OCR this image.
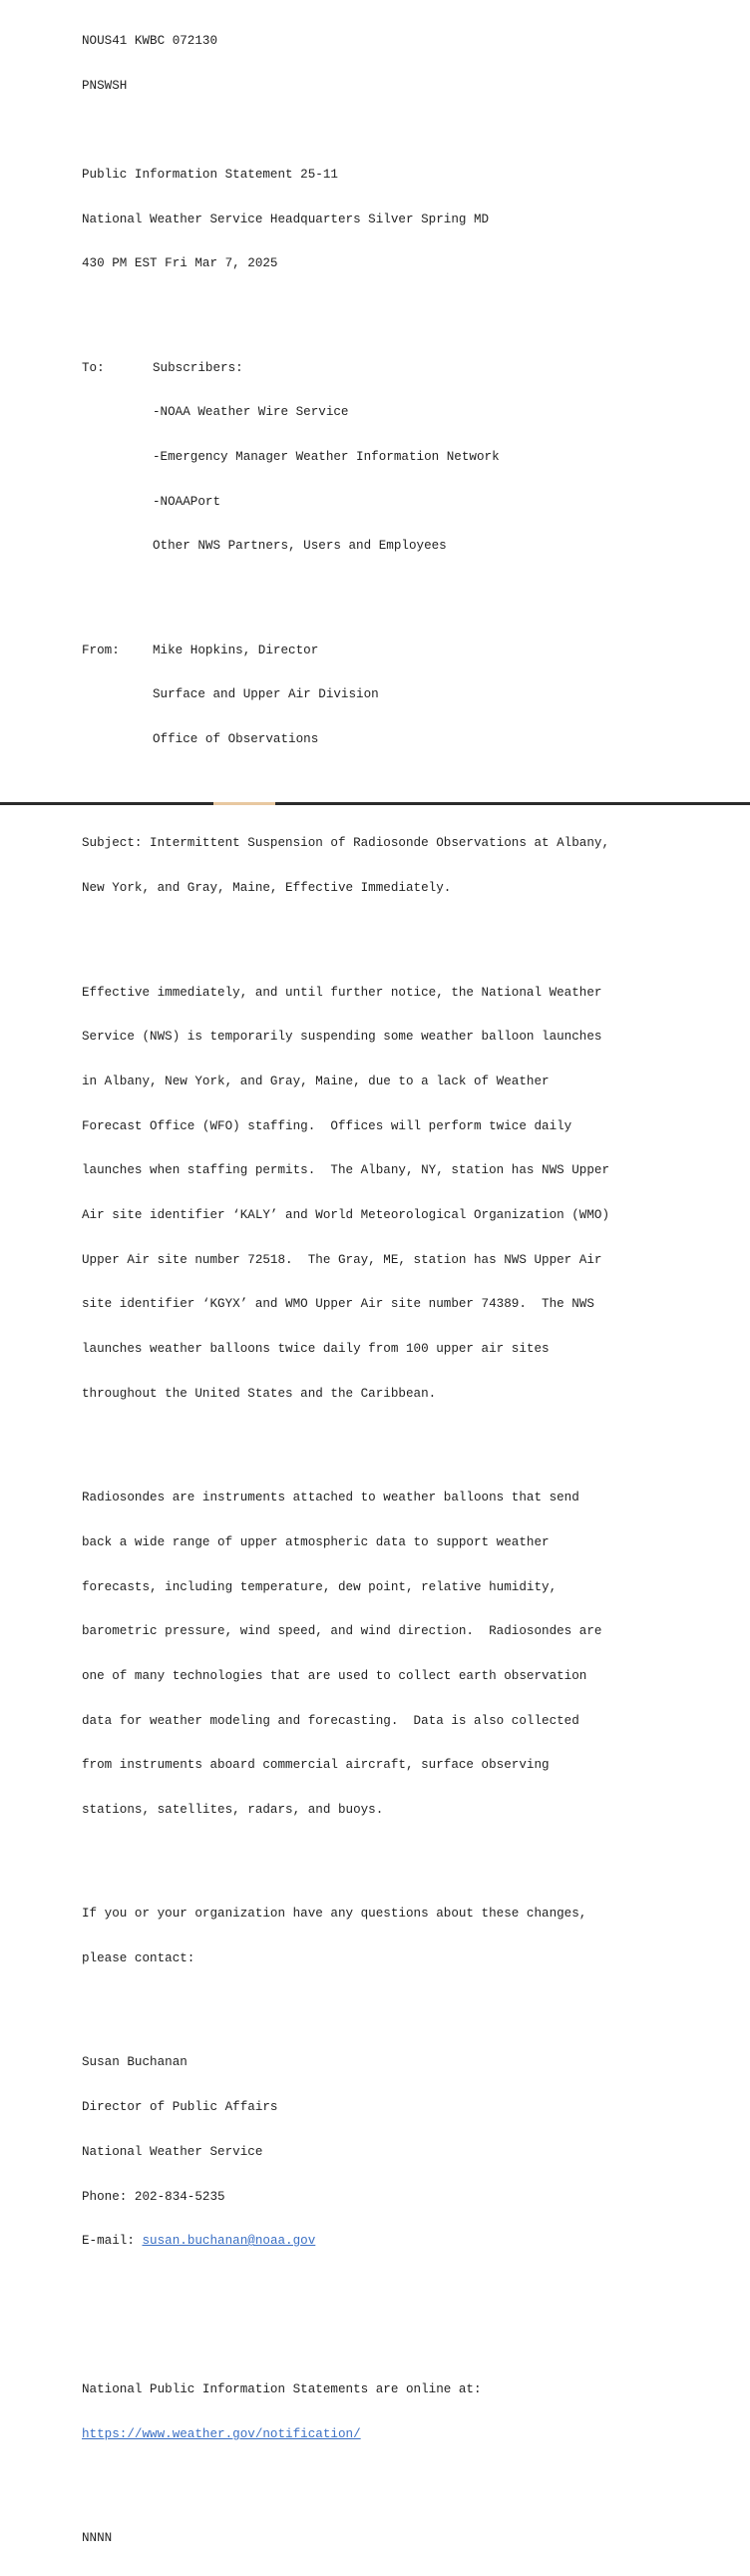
NOUS41 KWBC 072130

PNSWSH

Public Information Statement 25-11

National Weather Service Headquarters Silver Spring MD

430 PM EST Fri Mar 7, 2025

To:	Subscribers:

-NOAA Weather Wire Service

-Emergency Manager Weather Information Network

-NOAAPort

Other NWS Partners, Users and Employees

From:	Mike Hopkins, Director

Surface and Upper Air Division

Office of Observations

Subject: Intermittent Suspension of Radiosonde Observations at Albany,

New York, and Gray, Maine, Effective Immediately.

Effective immediately, and until further notice, the National Weather

Service (NWS) is temporarily suspending some weather balloon launches

in Albany, New York, and Gray, Maine, due to a lack of Weather

Forecast Office (WFO) staffing.  Offices will perform twice daily

launches when staffing permits.  The Albany, NY, station has NWS Upper

Air site identifier ‘KALY’ and World Meteorological Organization (WMO)

Upper Air site number 72518.  The Gray, ME, station has NWS Upper Air

site identifier ‘KGYX’ and WMO Upper Air site number 74389.  The NWS

launches weather balloons twice daily from 100 upper air sites

throughout the United States and the Caribbean.

Radiosondes are instruments attached to weather balloons that send

back a wide range of upper atmospheric data to support weather

forecasts, including temperature, dew point, relative humidity,

barometric pressure, wind speed, and wind direction.  Radiosondes are

one of many technologies that are used to collect earth observation

data for weather modeling and forecasting.  Data is also collected

from instruments aboard commercial aircraft, surface observing

stations, satellites, radars, and buoys.

If you or your organization have any questions about these changes,

please contact:

Susan Buchanan

Director of Public Affairs

National Weather Service

Phone: 202-834-5235

E-mail: susan.buchanan@noaa.gov

National Public Information Statements are online at:

https://www.weather.gov/notification/

NNNN
